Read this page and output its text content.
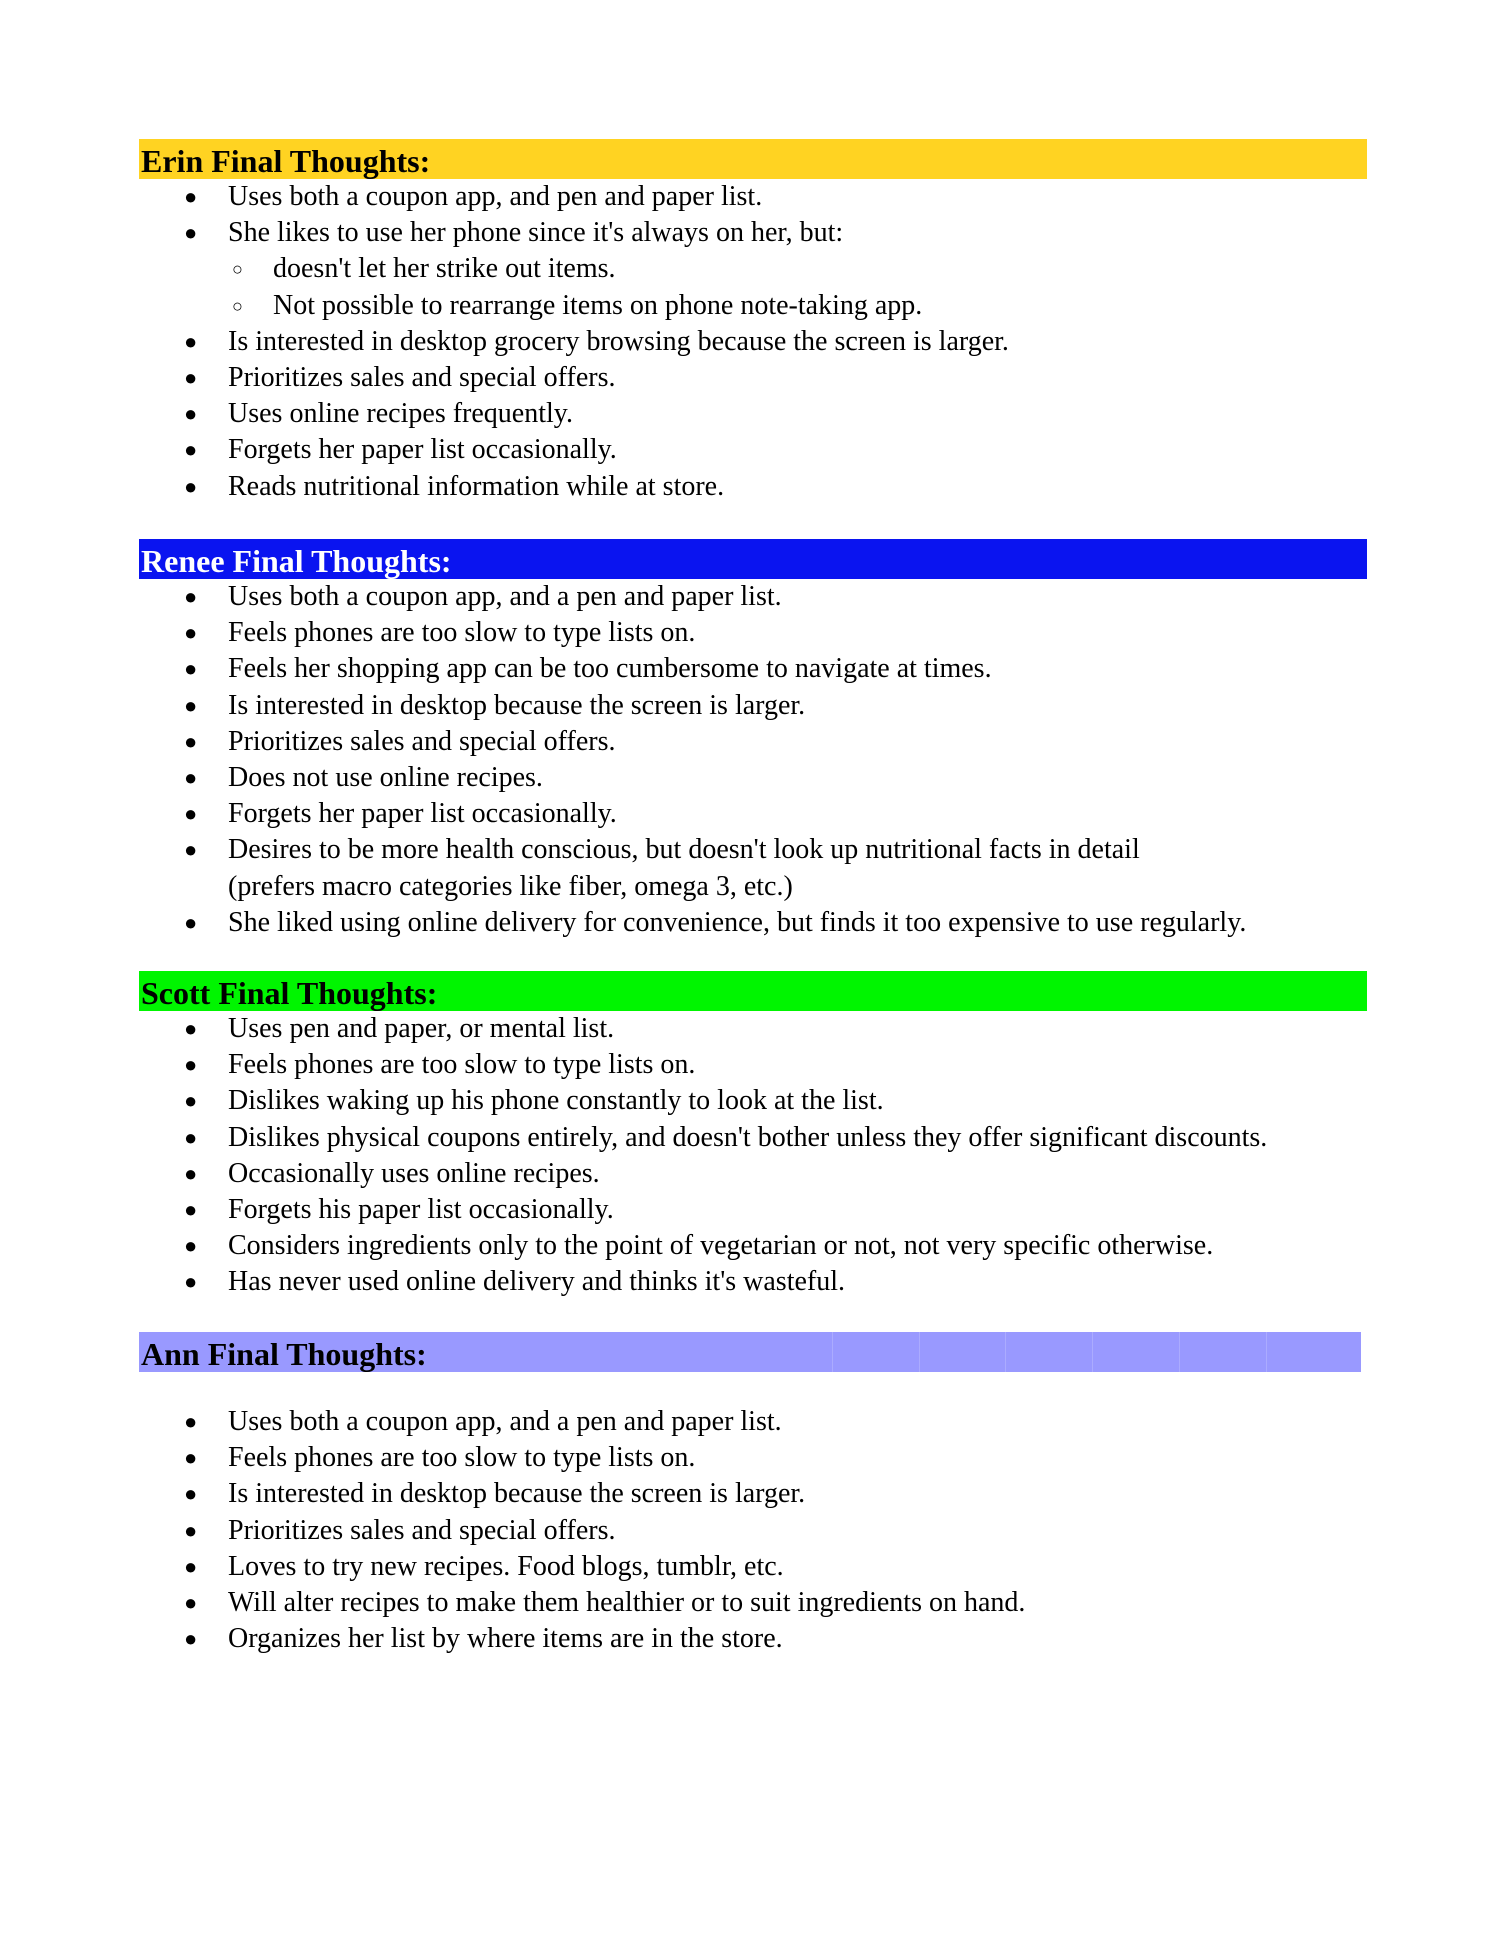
Erin Final Thoughts:
● Uses both a coupon app, and pen and paper list.
● She likes to use her phone since it's always on her, but:
○ doesn't let her strike out items.
○ Not possible to rearrange items on phone note-taking app.
● Is interested in desktop grocery browsing because the screen is larger.
● Prioritizes sales and special offers.
● Uses online recipes frequently.
● Forgets her paper list occasionally.
● Reads nutritional information while at store.
Renee Final Thoughts:
● Uses both a coupon app, and a pen and paper list.
● Feels phones are too slow to type lists on.
● Feels her shopping app can be too cumbersome to navigate at times.
● Is interested in desktop because the screen is larger.
● Prioritizes sales and special offers.
● Does not use online recipes.
● Forgets her paper list occasionally.
● Desires to be more health conscious, but doesn't look up nutritional facts in detail (prefers macro categories like fiber, omega 3, etc.)
● She liked using online delivery for convenience, but finds it too expensive to use regularly.
Scott Final Thoughts:
● Uses pen and paper, or mental list.
● Feels phones are too slow to type lists on.
● Dislikes waking up his phone constantly to look at the list.
● Dislikes physical coupons entirely, and doesn't bother unless they offer significant discounts.
● Occasionally uses online recipes.
● Forgets his paper list occasionally.
● Considers ingredients only to the point of vegetarian or not, not very specific otherwise.
● Has never used online delivery and thinks it's wasteful.
Ann Final Thoughts:
● Uses both a coupon app, and a pen and paper list.
● Feels phones are too slow to type lists on.
● Is interested in desktop because the screen is larger.
● Prioritizes sales and special offers.
● Loves to try new recipes. Food blogs, tumblr, etc.
● Will alter recipes to make them healthier or to suit ingredients on hand.
● Organizes her list by where items are in the store.
